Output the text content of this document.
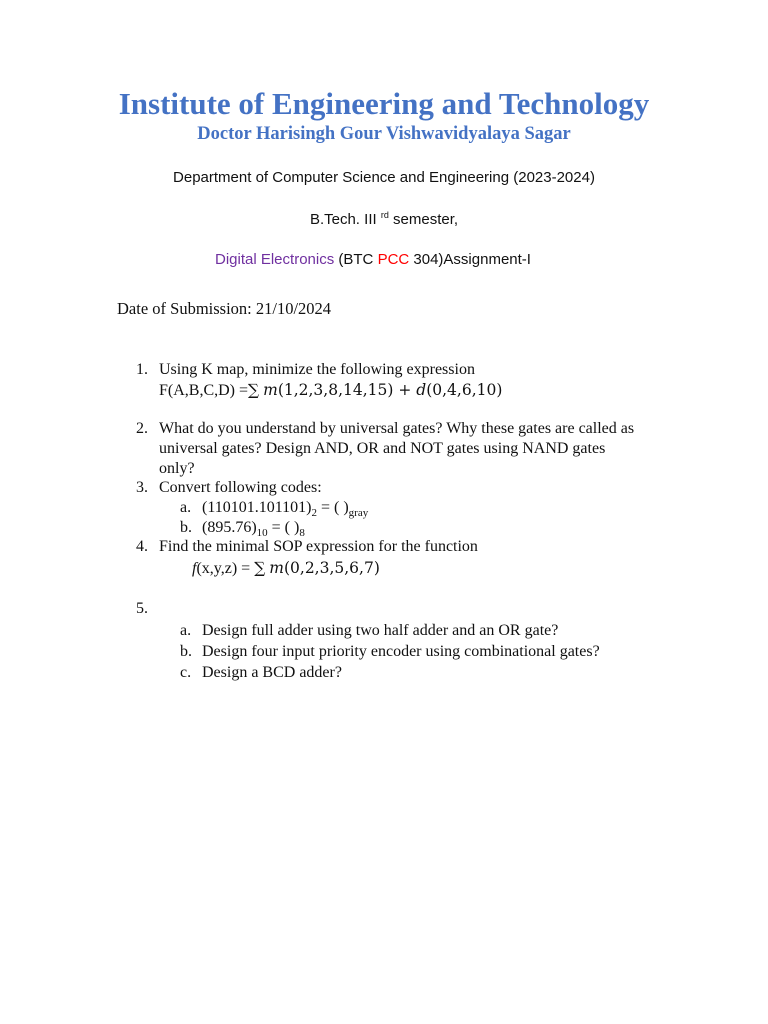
Institute of Engineering and Technology
Doctor Harisingh Gour Vishwavidyalaya Sagar
Department of Computer Science and Engineering (2023-2024)
B.Tech. III $^{rd}$ semester,
Digital Electronics (BTC PCC 304)Assignment-I
Date of Submission: 21/10/2024
1. Using K map, minimize the following expression
F(A,B,C,D) =∑ m(1,2,3,8,14,15) + d(0,4,6,10)
2. What do you understand by universal gates? Why these gates are called as
universal gates? Design AND, OR and NOT gates using NAND gates
only?
3. Convert following codes:
a. $(110101.101101)_2$ = ( )$_{gray}$
b. $(895.76)_{10}$ = ( )$_8$
4. Find the minimal SOP expression for the function
f(x,y,z) = ∑ m(0,2,3,5,6,7)
5.
a. Design full adder using two half adder and an OR gate?
b. Design four input priority encoder using combinational gates?
c. Design a BCD adder?
